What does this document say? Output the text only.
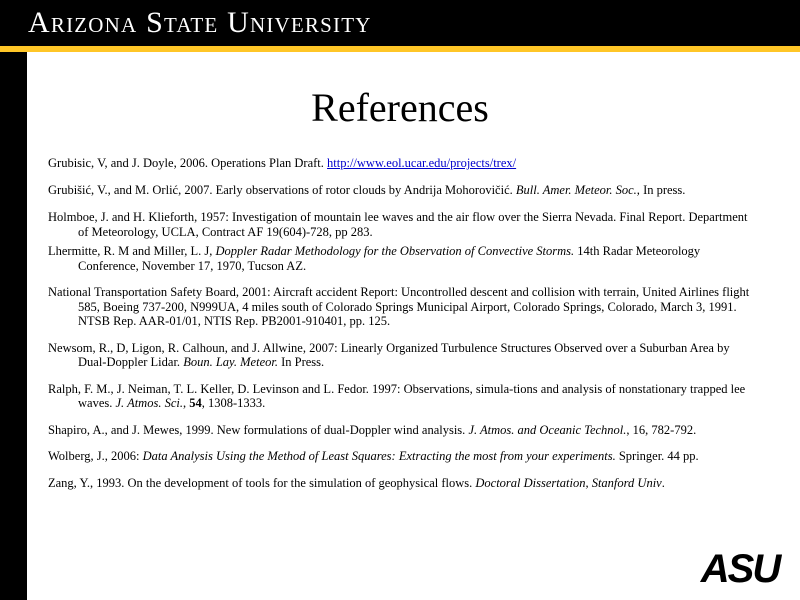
Arizona State University
References

Grubisic, V, and J. Doyle, 2006. Operations Plan Draft. http://www.eol.ucar.edu/projects/trex/

Grubišić, V., and M. Orlić, 2007. Early observations of rotor clouds by Andrija Mohorovičić. Bull. Amer. Meteor. Soc., In press.

Holmboe, J. and H. Klieforth, 1957: Investigation of mountain lee waves and the air flow over the Sierra Nevada. Final Report. Department of Meteorology, UCLA, Contract AF 19(604)-728, pp 283.

Lhermitte, R. M and Miller, L. J, Doppler Radar Methodology for the Observation of Convective Storms. 14th Radar Meteorology Conference, November 17, 1970, Tucson AZ.

National Transportation Safety Board, 2001: Aircraft accident Report: Uncontrolled descent and collision with terrain, United Airlines flight 585, Boeing 737-200, N999UA, 4 miles south of Colorado Springs Municipal Airport, Colorado Springs, Colorado, March 3, 1991. NTSB Rep. AAR-01/01, NTIS Rep. PB2001-910401, pp. 125.

Newsom, R., D, Ligon, R. Calhoun, and J. Allwine, 2007: Linearly Organized Turbulence Structures Observed over a Suburban Area by Dual-Doppler Lidar. Boun. Lay. Meteor. In Press.

Ralph, F. M., J. Neiman, T. L. Keller, D. Levinson and L. Fedor. 1997: Observations, simula-tions and analysis of nonstationary trapped lee waves. J. Atmos. Sci., 54, 1308-1333.

Shapiro, A., and J. Mewes, 1999. New formulations of dual-Doppler wind analysis. J. Atmos. and Oceanic Technol., 16, 782-792.

Wolberg, J., 2006: Data Analysis Using the Method of Least Squares: Extracting the most from your experiments. Springer. 44 pp.

Zang, Y., 1993. On the development of tools for the simulation of geophysical flows. Doctoral Dissertation, Stanford Univ.

ASU
